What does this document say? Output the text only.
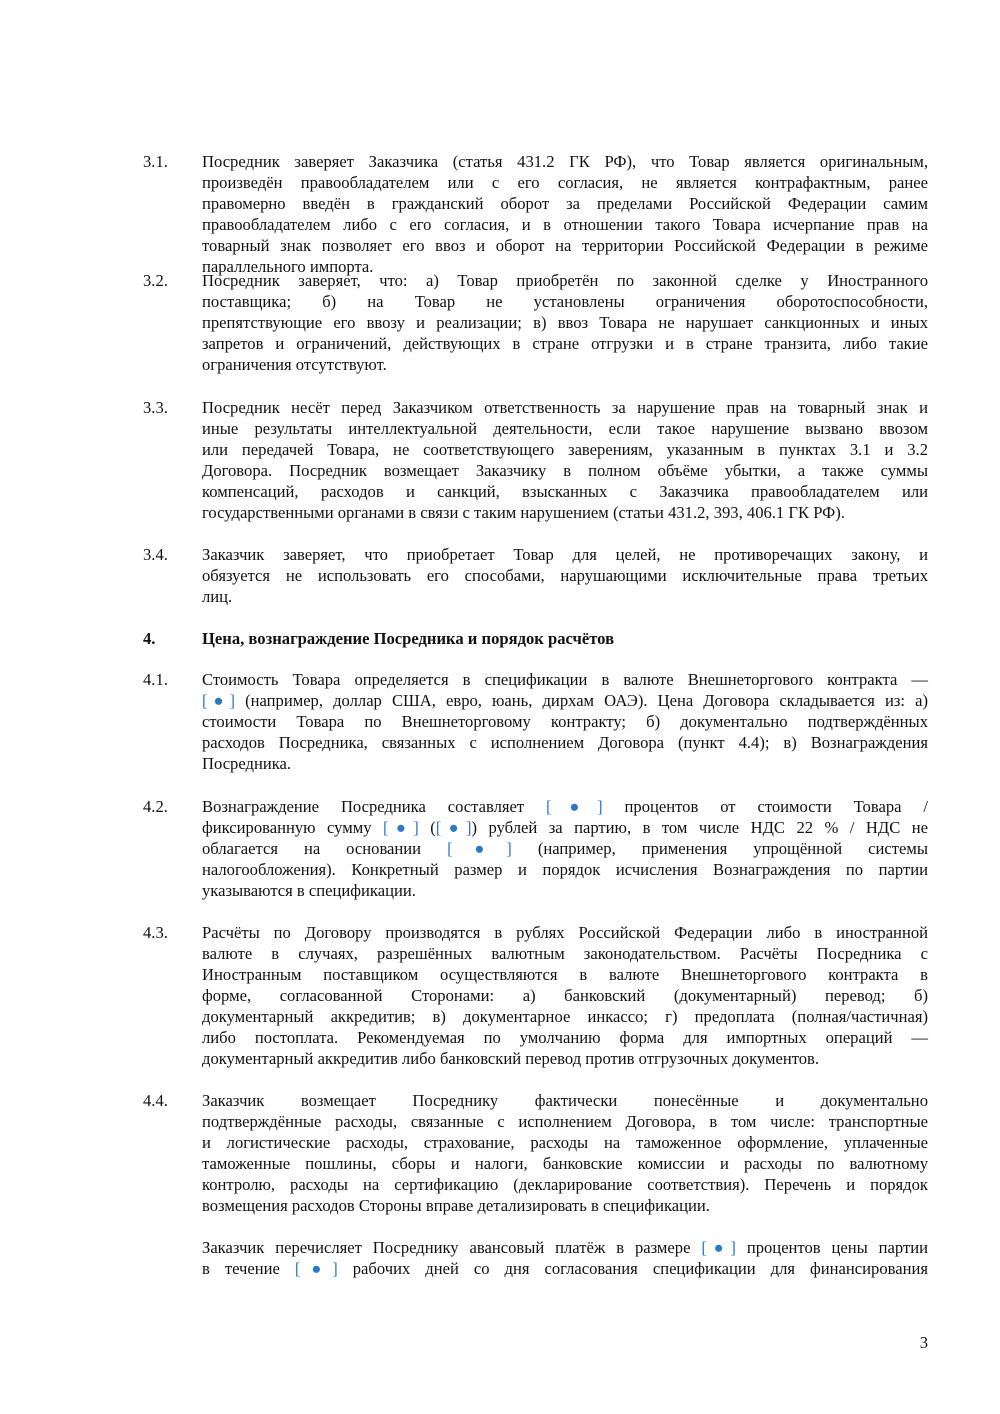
3.1.	Посредник заверяет Заказчика (статья 431.2 ГК РФ), что Товар является оригинальным,
произведён правообладателем или с его согласия, не является контрафактным, ранее
правомерно введён в гражданский оборот за пределами Российской Федерации самим
правообладателем либо с его согласия, и в отношении такого Товара исчерпание прав на
товарный знак позволяет его ввоз и оборот на территории Российской Федерации в режиме
параллельного импорта.
3.2.	Посредник заверяет, что: а) Товар приобретён по законной сделке у Иностранного
поставщика; б) на Товар не установлены ограничения оборотоспособности,
препятствующие его ввозу и реализации; в) ввоз Товара не нарушает санкционных и иных
запретов и ограничений, действующих в стране отгрузки и в стране транзита, либо такие
ограничения отсутствуют.
3.3.	Посредник несёт перед Заказчиком ответственность за нарушение прав на товарный знак и
иные результаты интеллектуальной деятельности, если такое нарушение вызвано ввозом
или передачей Товара, не соответствующего заверениям, указанным в пунктах 3.1 и 3.2
Договора. Посредник возмещает Заказчику в полном объёме убытки, а также суммы
компенсаций, расходов и санкций, взысканных с Заказчика правообладателем или
государственными органами в связи с таким нарушением (статьи 431.2, 393, 406.1 ГК РФ).
3.4.	Заказчик заверяет, что приобретает Товар для целей, не противоречащих закону, и
обязуется не использовать его способами, нарушающими исключительные права третьих
лиц.
4.	Цена, вознаграждение Посредника и порядок расчётов
4.1.	Стоимость Товара определяется в спецификации в валюте Внешнеторгового контракта —
[●] (например, доллар США, евро, юань, дирхам ОАЭ). Цена Договора складывается из: а)
стоимости Товара по Внешнеторговому контракту; б) документально подтверждённых
расходов Посредника, связанных с исполнением Договора (пункт 4.4); в) Вознаграждения
Посредника.
4.2.	Вознаграждение Посредника составляет [●] процентов от стоимости Товара /
фиксированную сумму [●] ([●]) рублей за партию, в том числе НДС 22 % / НДС не
облагается на основании [●] (например, применения упрощённой системы
налогообложения). Конкретный размер и порядок исчисления Вознаграждения по партии
указываются в спецификации.
4.3.	Расчёты по Договору производятся в рублях Российской Федерации либо в иностранной
валюте в случаях, разрешённых валютным законодательством. Расчёты Посредника с
Иностранным поставщиком осуществляются в валюте Внешнеторгового контракта в
форме, согласованной Сторонами: а) банковский (документарный) перевод; б)
документарный аккредитив; в) документарное инкассо; г) предоплата (полная/частичная)
либо постоплата. Рекомендуемая по умолчанию форма для импортных операций —
документарный аккредитив либо банковский перевод против отгрузочных документов.
4.4.	Заказчик возмещает Посреднику фактически понесённые и документально
подтверждённые расходы, связанные с исполнением Договора, в том числе: транспортные
и логистические расходы, страхование, расходы на таможенное оформление, уплаченные
таможенные пошлины, сборы и налоги, банковские комиссии и расходы по валютному
контролю, расходы на сертификацию (декларирование соответствия). Перечень и порядок
возмещения расходов Стороны вправе детализировать в спецификации.
Заказчик перечисляет Посреднику авансовый платёж в размере [●] процентов цены партии
в течение [●] рабочих дней со дня согласования спецификации для финансирования
3
